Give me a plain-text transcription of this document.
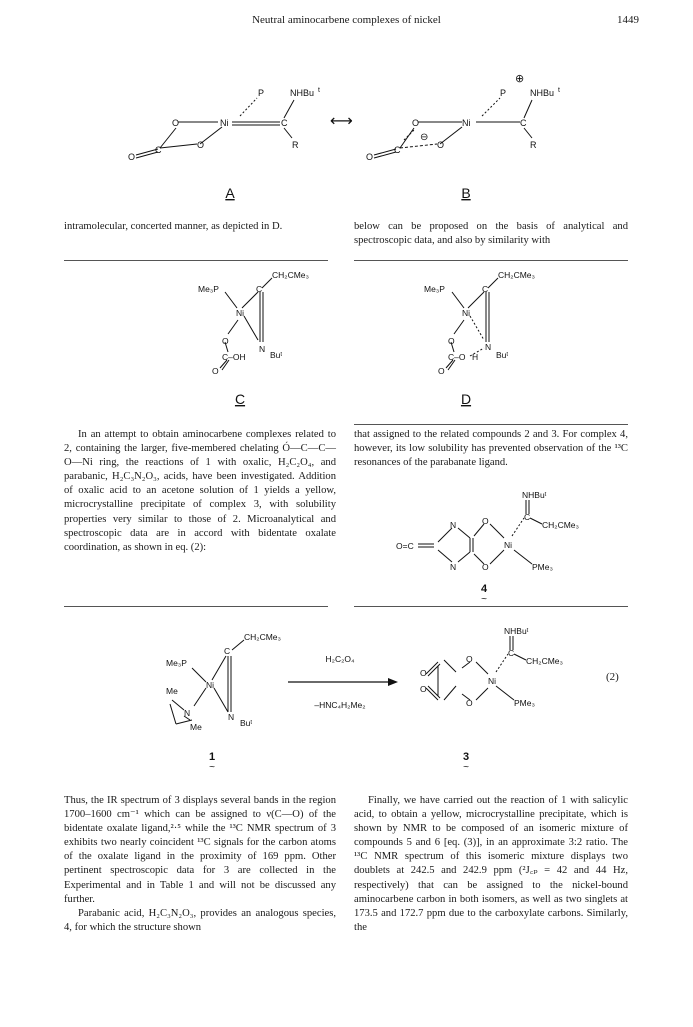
Neutral aminocarbene complexes of nickel	1449
P	NHBu t
O	Ni	C
O
C
O
R
A
⟷
⊕
P	NHBu t
O	Ni	C
⊖
O
C
O
R
B

intramolecular, concerted manner, as depicted in D.	below can be proposed on the basis of analytical and spectroscopic data, and also by similarity with

Me₃P	C
CH₂CMe₃
Ni
N
Buᵗ
O
C–OH
O
C
Me₃P	C
CH₂CMe₃
Ni
N
Buᵗ
O
C–O H
O
D

In an attempt to obtain aminocarbene complexes related to 2, containing the larger, five-membered chelating Ó—C—C—O—Ni ring, the reactions of 1 with oxalic, H₂C₂O₄, and parabanic, H₂C₃N₂O₃, acids, have been investigated. Addition of oxalic acid to an acetone solution of 1 yields a yellow, microcrystalline precipitate of complex 3, with solubility properties very similar to those of 2. Microanalytical and spectroscopic data are in accord with bidentate oxalate coordination, as shown in eq. (2):

that assigned to the related compounds 2 and 3. For complex 4, however, its low solubility has prevented observation of the ¹³C resonances of the parabanate ligand.

NHBuᵗ
C
CH₂CMe₃
N
N
O
O
O=C	Ni
PMe₃
4
~
Me₃P
C
CH₂CMe₃
Ni
Me
N
Me
N
Buᵗ
1
~
H₂C₂O₄
–HNC₄H₂Me₂
NHBuᵗ
C
CH₂CMe₃
O
O
O
O
Ni
PMe₃
3
~
(2)

Thus, the IR spectrum of 3 displays several bands in the region 1700–1600 cm⁻¹ which can be assigned to ν(C—O) of the bidentate oxalate ligand,²·⁵ while the ¹³C NMR spectrum of 3 exhibits two nearly coincident ¹³C signals for the carbon atoms of the oxalate ligand in the proximity of 169 ppm. Other pertinent spectroscopic data for 3 are collected in the Experimental and in Table 1 and will not be discussed any further.

Parabanic acid, H₂C₃N₂O₃, provides an analogous species, 4, for which the structure shown

Finally, we have carried out the reaction of 1 with salicylic acid, to obtain a yellow, microcrystalline precipitate, which is shown by NMR to be composed of an isomeric mixture of compounds 5 and 6 [eq. (3)], in an approximate 3:2 ratio. The ¹³C NMR spectrum of this isomeric mixture displays two doublets at 242.5 and 242.9 ppm (²J꜀ₚ = 42 and 44 Hz, respectively) that can be assigned to the nickel-bound aminocarbene carbon in both isomers, as well as two singlets at 173.5 and 172.7 ppm due to the carboxylate carbons. Similarly, the
